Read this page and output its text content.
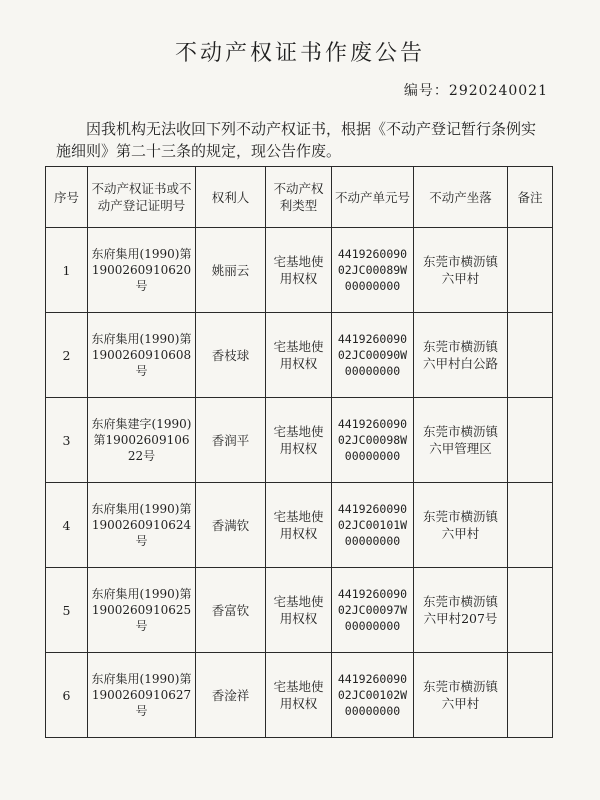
不动产权证书作废公告
编号：2920240021
因我机构无法收回下列不动产权证书，根据《不动产登记暂行条例实施细则》第二十三条的规定，现公告作废。
序号	不动产权证书或不动产登记证明号	权利人	不动产权利类型	不动产单元号	不动产坐落	备注
1	东府集用(1990)第1900260910620号	姚丽云	宅基地使用权权	441926009002JC00089W00000000	东莞市横沥镇六甲村	
2	东府集用(1990)第1900260910608号	香枝球	宅基地使用权权	441926009002JC00090W00000000	东莞市横沥镇六甲村白公路	
3	东府集建字(1990)第1900260910622号	香润平	宅基地使用权权	441926009002JC00098W00000000	东莞市横沥镇六甲管理区	
4	东府集用(1990)第1900260910624号	香满钦	宅基地使用权权	441926009002JC00101W00000000	东莞市横沥镇六甲村	
5	东府集用(1990)第1900260910625号	香富钦	宅基地使用权权	441926009002JC00097W00000000	东莞市横沥镇六甲村207号	
6	东府集用(1990)第1900260910627号	香淦祥	宅基地使用权权	441926009002JC00102W00000000	东莞市横沥镇六甲村	
